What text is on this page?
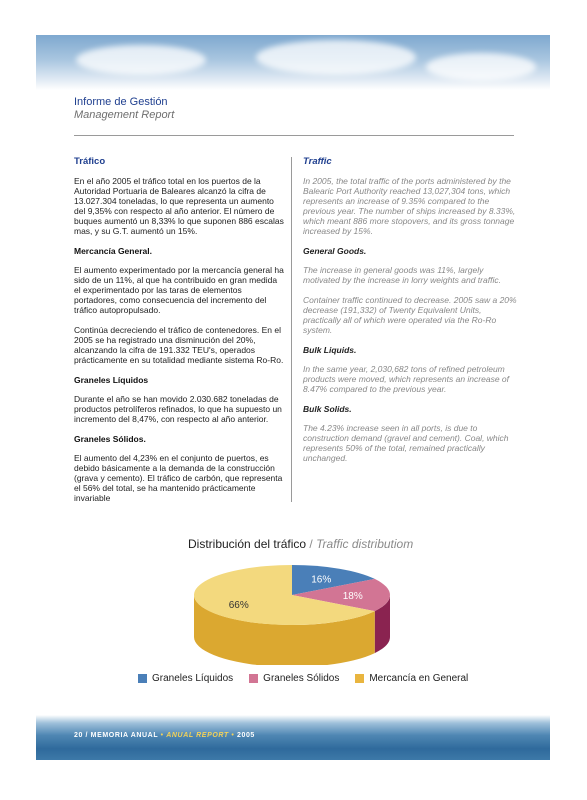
Informe de Gestión
Management Report
Tráfico

En el año 2005 el tráfico total en los puertos de la Autoridad Portuaria de Baleares alcanzó la cifra de 13.027.304 toneladas, lo que representa un aumento del 9,35% con respecto al año anterior. El número de buques aumentó un 8,33% lo que suponen 886 escalas mas, y su G.T. aumentó un 15%.

Mercancía General.

El aumento experimentado por la mercancía general ha sido de un 11%, al que ha contribuido en gran medida el experimentado por las taras de elementos portadores, como consecuencia del incremento del tráfico autopropulsado.

Continúa decreciendo el tráfico de contenedores. En el 2005 se ha registrado una disminución del 20%, alcanzando la cifra de 191.332 TEU's, operados prácticamente en su totalidad mediante sistema Ro-Ro.

Graneles Líquidos

Durante el año se han movido 2.030.682 toneladas de productos petrolíferos refinados, lo que ha supuesto un incremento del 8,47%, con respecto al año anterior.

Graneles Sólidos.

El aumento del 4,23% en el conjunto de puertos, es debido básicamente a la demanda de la construcción (grava y cemento). El tráfico de carbón, que representa el 56% del total, se ha mantenido prácticamente invariable

Traffic

In 2005, the total traffic of the ports administered by the Balearic Port Authority reached 13,027,304 tons, which represents an increase of 9.35% compared to the previous year. The number of ships increased by 8.33%, which meant 886 more stopovers, and its gross tonnage increased by 15%.

General Goods.

The increase in general goods was 11%, largely motivated by the increase in lorry weights and traffic.

Container traffic continued to decrease. 2005 saw a 20% decrease (191,332) of Twenty Equivalent Units, practically all of which were operated via the Ro-Ro system.

Bulk Liquids.

In the same year, 2,030,682 tons of refined petroleum products were moved, which represents an increase of 8.47% compared to the previous year.

Bulk Solids.

The 4.23% increase seen in all ports, is due to construction demand (gravel and cement). Coal, which represents 50% of the total, remained practically unchanged.

Distribución del tráfico / Traffic distributiom
16%
18%
66%
Graneles Líquidos	Graneles Sólidos	Mercancía en General
20 / MEMORIA ANUAL • ANUAL REPORT • 2005
